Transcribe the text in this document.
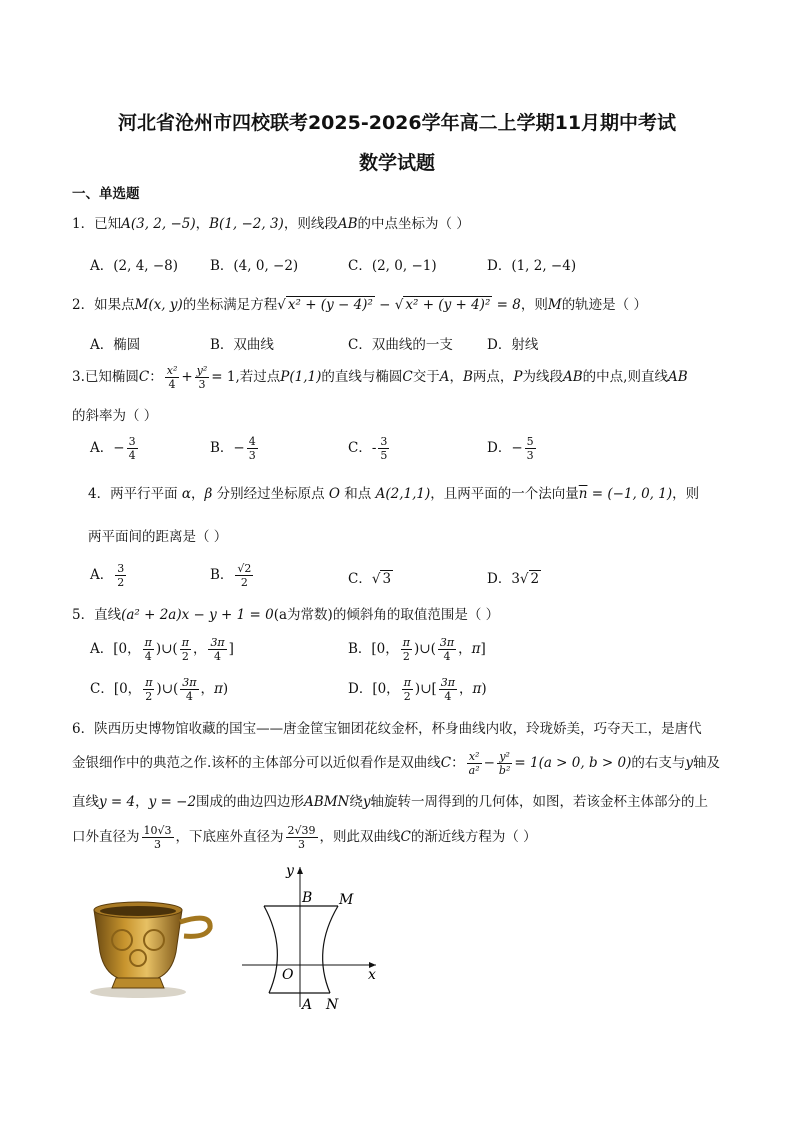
河北省沧州市四校联考2025-2026学年高二上学期11月期中考试
数学试题
一、单选题
1．已知A(3, 2, −5)，B(1, −2, 3)，则线段AB的中点坐标为（ ）
A．(2, 4, −8) B．(4, 0, −2)	C．(2, 0, −1)	D．(1, 2, −4)
2．如果点M(x, y)的坐标满足方程√ x² + (y − 4)² − √ x² + (y + 4)² = 8，则M的轨迹是（ ）
A．椭圆	B．双曲线	C．双曲线的一支	D．射线
3.已知椭圆C： $\frac{\text{x²}}{4} + \frac{\text{y²}}{3} = 1$,若过点P(1,1)的直线与椭圆C交于A，B两点，P为线段AB的中点,则直线AB
的斜率为（ ）
A．− $\frac{3}{4}$	B．− $\frac{4}{3}$	C．- $\frac{3}{5}$	D．− $\frac{5}{3}$
4．两平行平面 α，β 分别经过坐标原点 O 和点 A(2,1,1)，且两平面的一个法向量$\overline{n} = (-1$, 0, 1)，则
两平面间的距离是（ ）
A． $\frac{3}{2}$	B． $\frac{√2}{2}$	C．√ 3	D．3√ 2
5．直线(a² + 2a)x − y + 1 = 0(a为常数)的倾斜角的取值范围是（ ）
A．[0， $\frac{\pi}{4}$ )∪( $\frac{\pi}{2}$ ， $\frac{3\pi}{4}$ ]	B．[0， $\frac{\pi}{2}$ )∪( $\frac{3\pi}{4}$ ，π]
C．[0， $\frac{\pi}{2}$ )∪( $\frac{3\pi}{4}$ ，π)	D．[0， $\frac{\pi}{2}$ )∪[ $\frac{3\pi}{4}$ ，π)
6．陕西历史博物馆收藏的国宝——唐金筐宝钿团花纹金杯，杯身曲线内收，玲珑娇美，巧夺天工，是唐代
金银细作中的典范之作.该杯的主体部分可以近似看作是双曲线C： $\frac{\text{x²}}{\text{a²}} - \frac{\text{y²}}{\text{b²}} = 1(a > 0$, b > 0)的右支与y轴及
直线y = 4，y = −2围成的曲边四边形ABMN绕y轴旋转一周得到的几何体，如图，若该金杯主体部分的上
口外直径为 $\frac{10√3}{3}$ ，下底座外直径为 $\frac{2√39}{3}$ ，则此双曲线C的渐近线方程为（ ）
y
x
O
B M
A N
